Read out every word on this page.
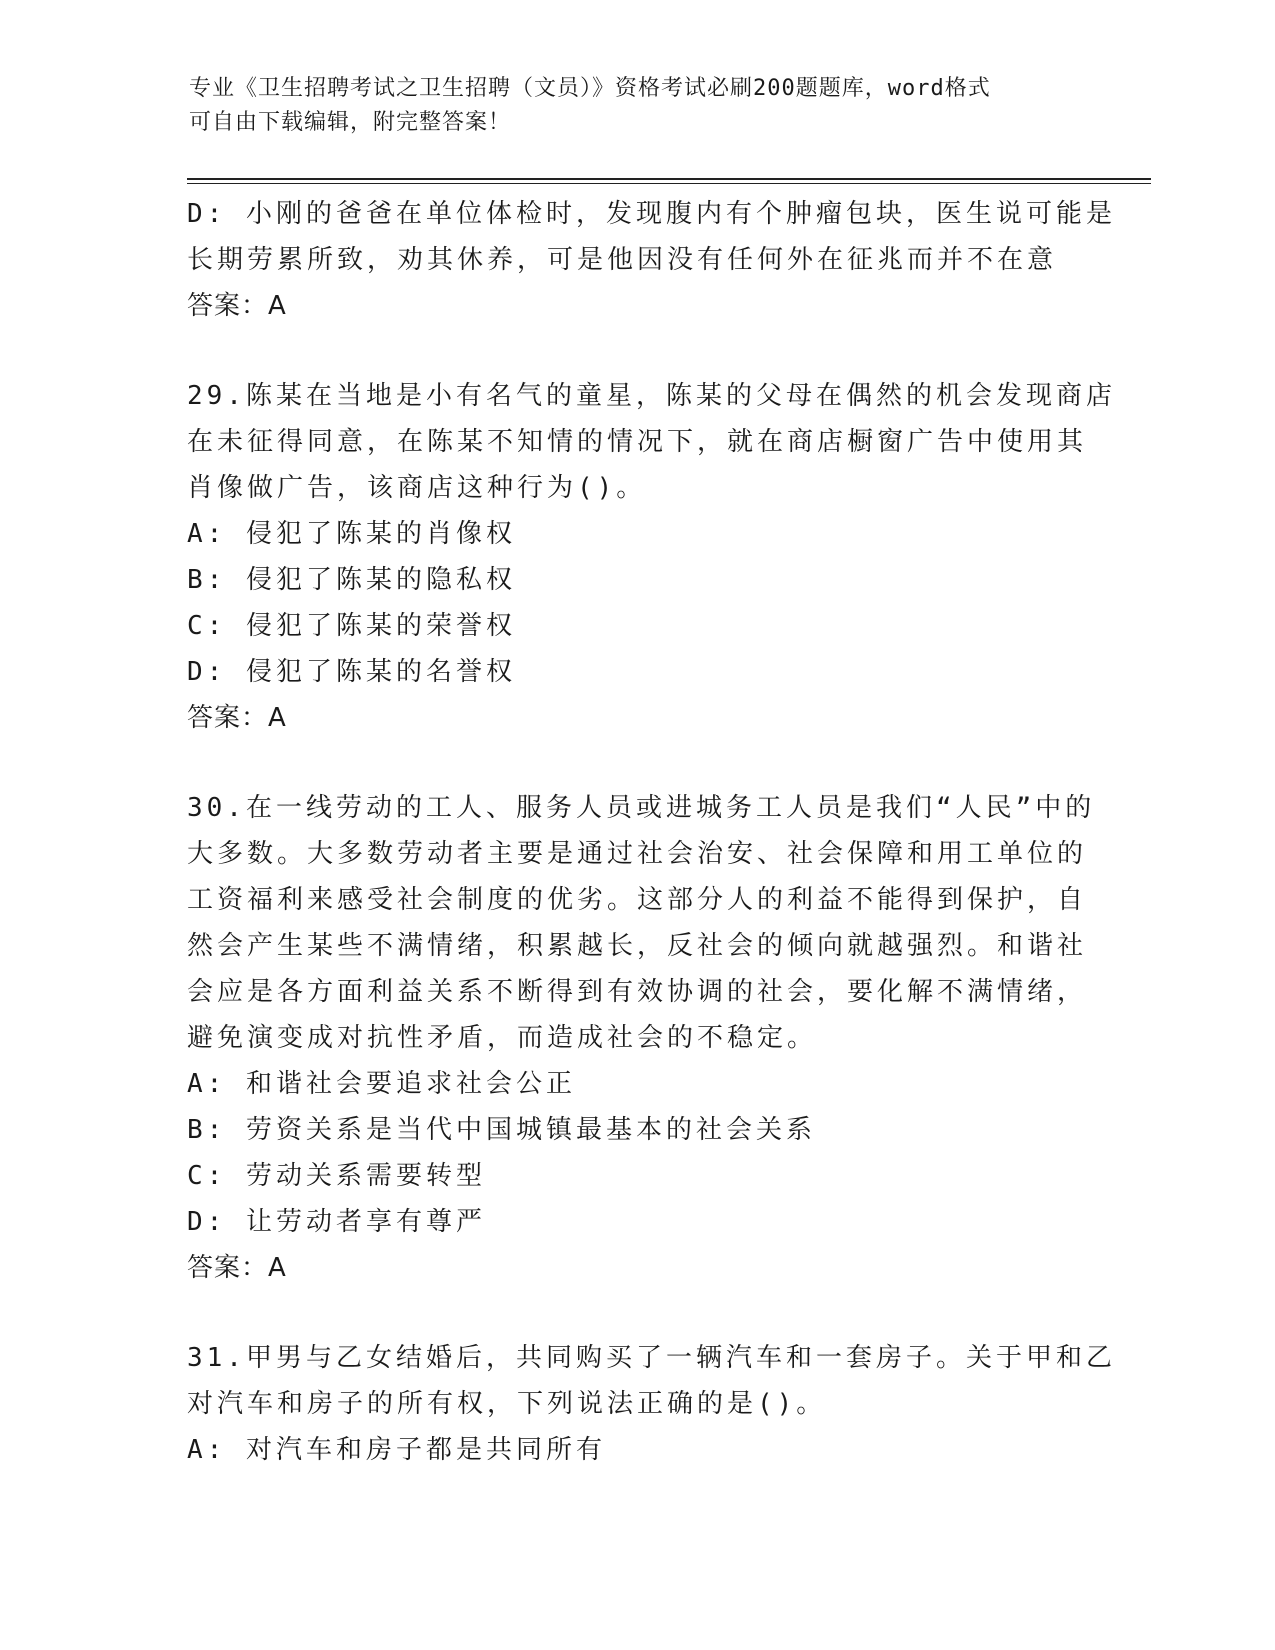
专业《卫生招聘考试之卫生招聘（文员）》资格考试必刷200题题库，word格式
可自由下载编辑，附完整答案！
D: 小刚的爸爸在单位体检时，发现腹内有个肿瘤包块，医生说可能是
长期劳累所致，劝其休养，可是他因没有任何外在征兆而并不在意
答案：A
29.陈某在当地是小有名气的童星，陈某的父母在偶然的机会发现商店
在未征得同意，在陈某不知情的情况下，就在商店橱窗广告中使用其
肖像做广告，该商店这种行为()。
A: 侵犯了陈某的肖像权
B: 侵犯了陈某的隐私权
C: 侵犯了陈某的荣誉权
D: 侵犯了陈某的名誉权
答案：A
30.在一线劳动的工人、服务人员或进城务工人员是我们“人民”中的
大多数。大多数劳动者主要是通过社会治安、社会保障和用工单位的
工资福利来感受社会制度的优劣。这部分人的利益不能得到保护，自
然会产生某些不满情绪，积累越长，反社会的倾向就越强烈。和谐社
会应是各方面利益关系不断得到有效协调的社会，要化解不满情绪，
避免演变成对抗性矛盾，而造成社会的不稳定。
A: 和谐社会要追求社会公正
B: 劳资关系是当代中国城镇最基本的社会关系
C: 劳动关系需要转型
D: 让劳动者享有尊严
答案：A
31.甲男与乙女结婚后，共同购买了一辆汽车和一套房子。关于甲和乙
对汽车和房子的所有权，下列说法正确的是()。
A: 对汽车和房子都是共同所有
